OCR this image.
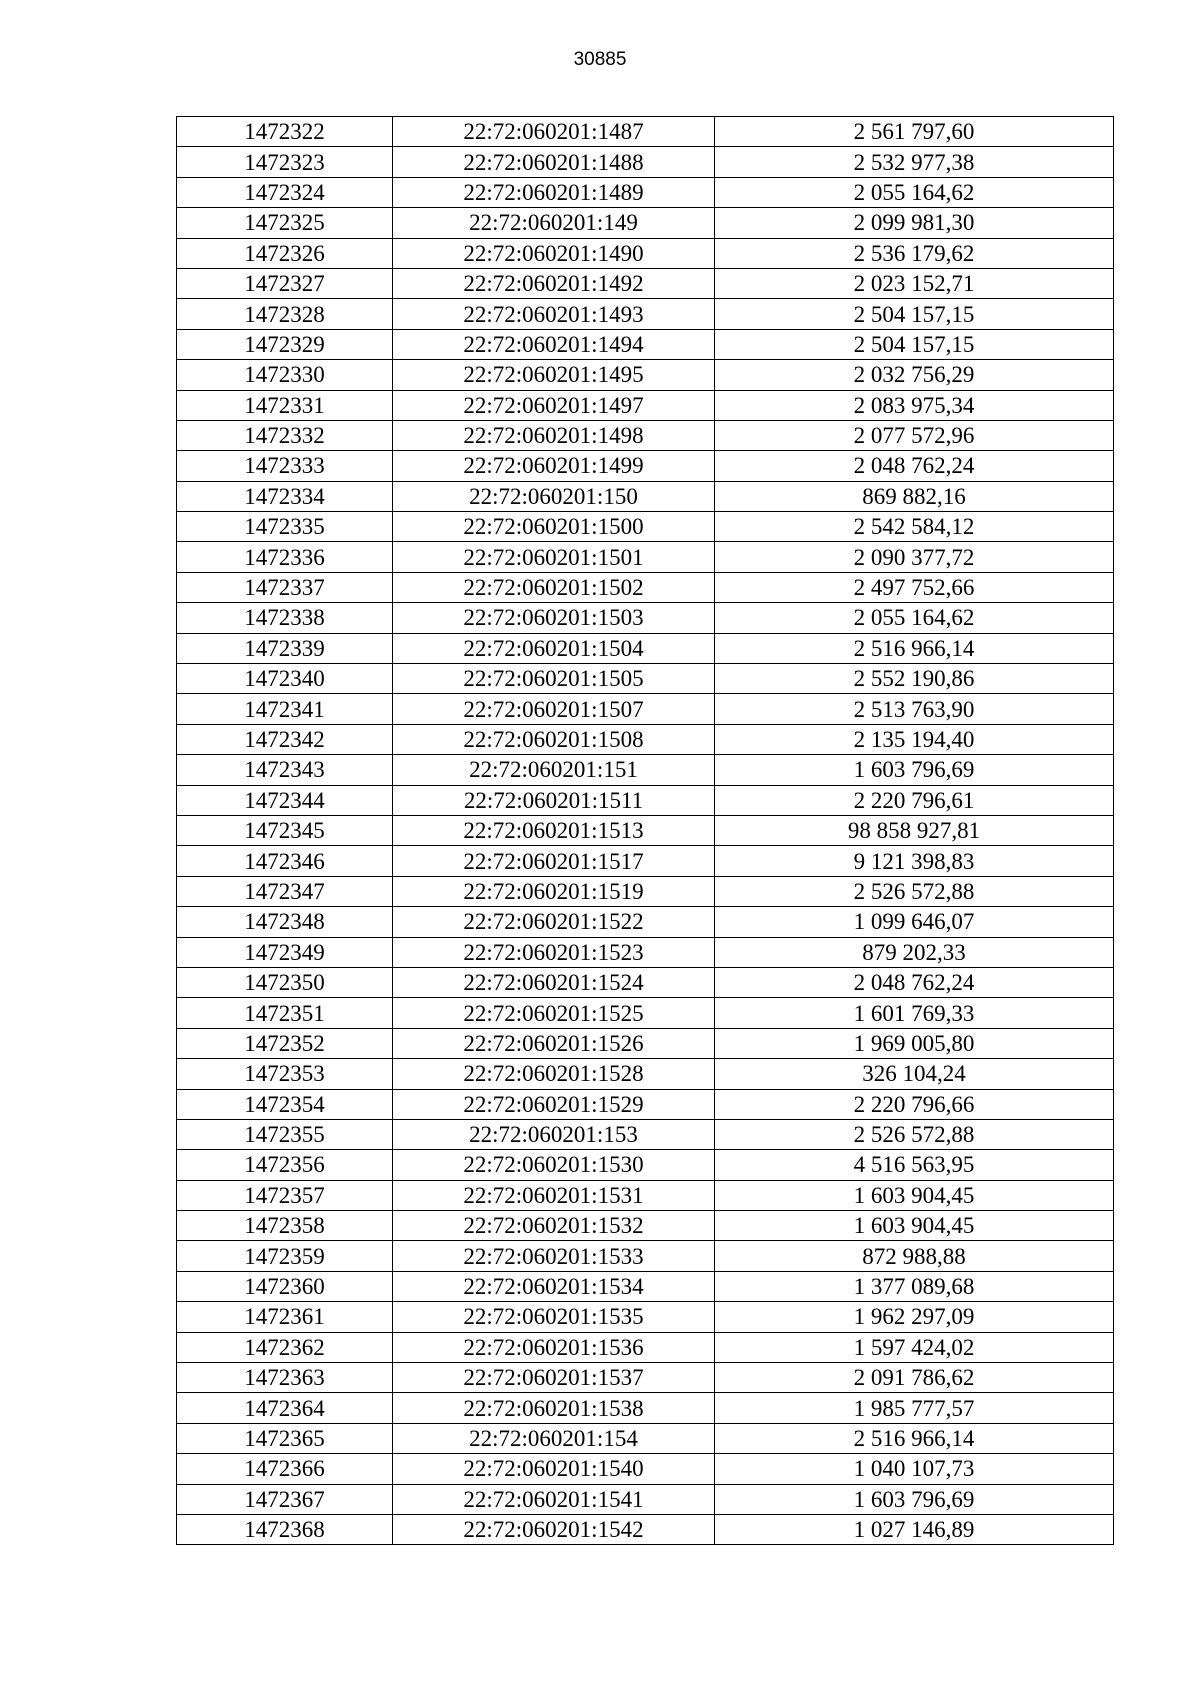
30885
1472322	22:72:060201:1487	2 561 797,60
1472323	22:72:060201:1488	2 532 977,38
1472324	22:72:060201:1489	2 055 164,62
1472325	22:72:060201:149	2 099 981,30
1472326	22:72:060201:1490	2 536 179,62
1472327	22:72:060201:1492	2 023 152,71
1472328	22:72:060201:1493	2 504 157,15
1472329	22:72:060201:1494	2 504 157,15
1472330	22:72:060201:1495	2 032 756,29
1472331	22:72:060201:1497	2 083 975,34
1472332	22:72:060201:1498	2 077 572,96
1472333	22:72:060201:1499	2 048 762,24
1472334	22:72:060201:150	869 882,16
1472335	22:72:060201:1500	2 542 584,12
1472336	22:72:060201:1501	2 090 377,72
1472337	22:72:060201:1502	2 497 752,66
1472338	22:72:060201:1503	2 055 164,62
1472339	22:72:060201:1504	2 516 966,14
1472340	22:72:060201:1505	2 552 190,86
1472341	22:72:060201:1507	2 513 763,90
1472342	22:72:060201:1508	2 135 194,40
1472343	22:72:060201:151	1 603 796,69
1472344	22:72:060201:1511	2 220 796,61
1472345	22:72:060201:1513	98 858 927,81
1472346	22:72:060201:1517	9 121 398,83
1472347	22:72:060201:1519	2 526 572,88
1472348	22:72:060201:1522	1 099 646,07
1472349	22:72:060201:1523	879 202,33
1472350	22:72:060201:1524	2 048 762,24
1472351	22:72:060201:1525	1 601 769,33
1472352	22:72:060201:1526	1 969 005,80
1472353	22:72:060201:1528	326 104,24
1472354	22:72:060201:1529	2 220 796,66
1472355	22:72:060201:153	2 526 572,88
1472356	22:72:060201:1530	4 516 563,95
1472357	22:72:060201:1531	1 603 904,45
1472358	22:72:060201:1532	1 603 904,45
1472359	22:72:060201:1533	872 988,88
1472360	22:72:060201:1534	1 377 089,68
1472361	22:72:060201:1535	1 962 297,09
1472362	22:72:060201:1536	1 597 424,02
1472363	22:72:060201:1537	2 091 786,62
1472364	22:72:060201:1538	1 985 777,57
1472365	22:72:060201:154	2 516 966,14
1472366	22:72:060201:1540	1 040 107,73
1472367	22:72:060201:1541	1 603 796,69
1472368	22:72:060201:1542	1 027 146,89
